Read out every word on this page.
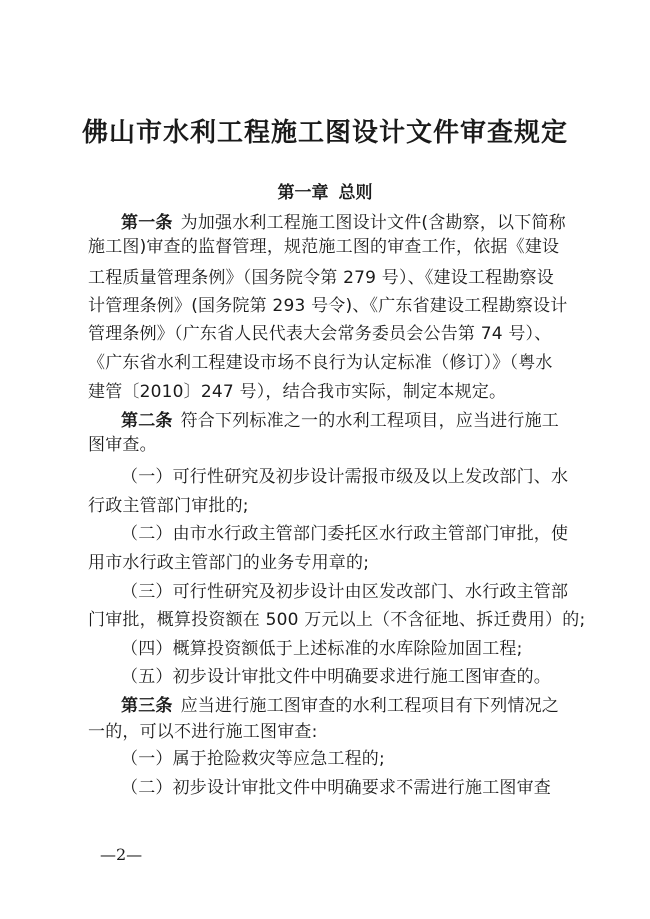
佛山市水利工程施工图设计文件审查规定
第一章 总则
第一条 为加强水利工程施工图设计文件(含勘察，以下简称
施工图)审查的监督管理，规范施工图的审查工作，依据《建设
工程质量管理条例》（国务院令第 279 号）、《建设工程勘察设
计管理条例》(国务院第 293 号令)、《广东省建设工程勘察设计
管理条例》（广东省人民代表大会常务委员会公告第 74 号）、
《广东省水利工程建设市场不良行为认定标准（修订）》（粤水
建管〔2010〕247 号），结合我市实际，制定本规定。
第二条 符合下列标准之一的水利工程项目，应当进行施工
图审查。
（一）可行性研究及初步设计需报市级及以上发改部门、水
行政主管部门审批的;
（二）由市水行政主管部门委托区水行政主管部门审批，使
用市水行政主管部门的业务专用章的;
（三）可行性研究及初步设计由区发改部门、水行政主管部
门审批，概算投资额在 500 万元以上（不含征地、拆迁费用）的;
（四）概算投资额低于上述标准的水库除险加固工程;
（五）初步设计审批文件中明确要求进行施工图审查的。
第三条 应当进行施工图审查的水利工程项目有下列情况之
一的，可以不进行施工图审查:
（一）属于抢险救灾等应急工程的;
（二）初步设计审批文件中明确要求不需进行施工图审查
—2—
